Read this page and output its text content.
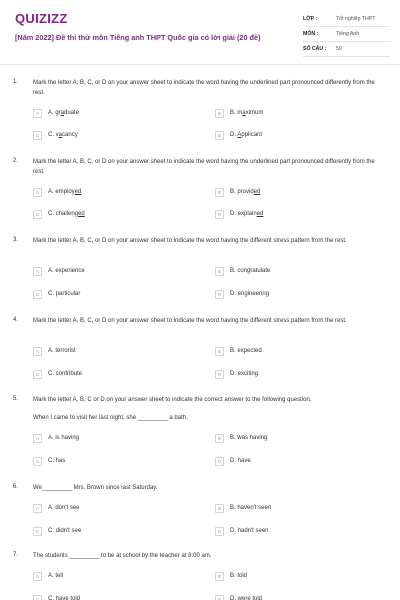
QUIZIZZ
[Năm 2022] Đề thi thử môn Tiếng anh THPT Quốc gia có lời giải (20 đề)
LỚP :	Tốt nghiệp THPT
MÔN :	Tiếng Anh
SỐ CÂU : 50
1. Mark the letter A, B, C, or D on your answer sheet to indicate the word having the underlined part pronounced differently from the rest.
A	A. graduate	B	B. maximum
C	C. vacancy	D	D. Applicant
2. Mark the letter A, B, C, or D on your answer sheet to indicate the word having the underlined part pronounced differently from the rest.
A	A. employed	B	B. provided
C	C. challenged	D	D. explained
3. Mark the letter A, B, C, or D on your answer sheet to indicate the word having the different stress pattern from the rest.
A	A. experience	B	B. congratulate
C	C. particular	D	D. engineering
4. Mark the letter A, B, C, or D on your answer sheet to indicate the word having the different stress pattern from the rest.
A	A. terrorist	B	B. expected
C	C. contribute	D	D. exciting
5. Mark the letter A, B, C or D on your answer sheet to indicate the correct answer to the following question.
When I came to visit her last night, she _________ a bath.
A	A. is having	B	B. was having
C	C. has	D	D. have
6. We_________ Mrs. Brown since last Saturday.
A	A. don't see	B	B. haven't seen
C	C. didn't see	D	D. hadn't seen
7. The students _________ to be at school by the teacher at 8:00 am.
A	A. tell	B	B. told
C	C. have told	D	D. were told
